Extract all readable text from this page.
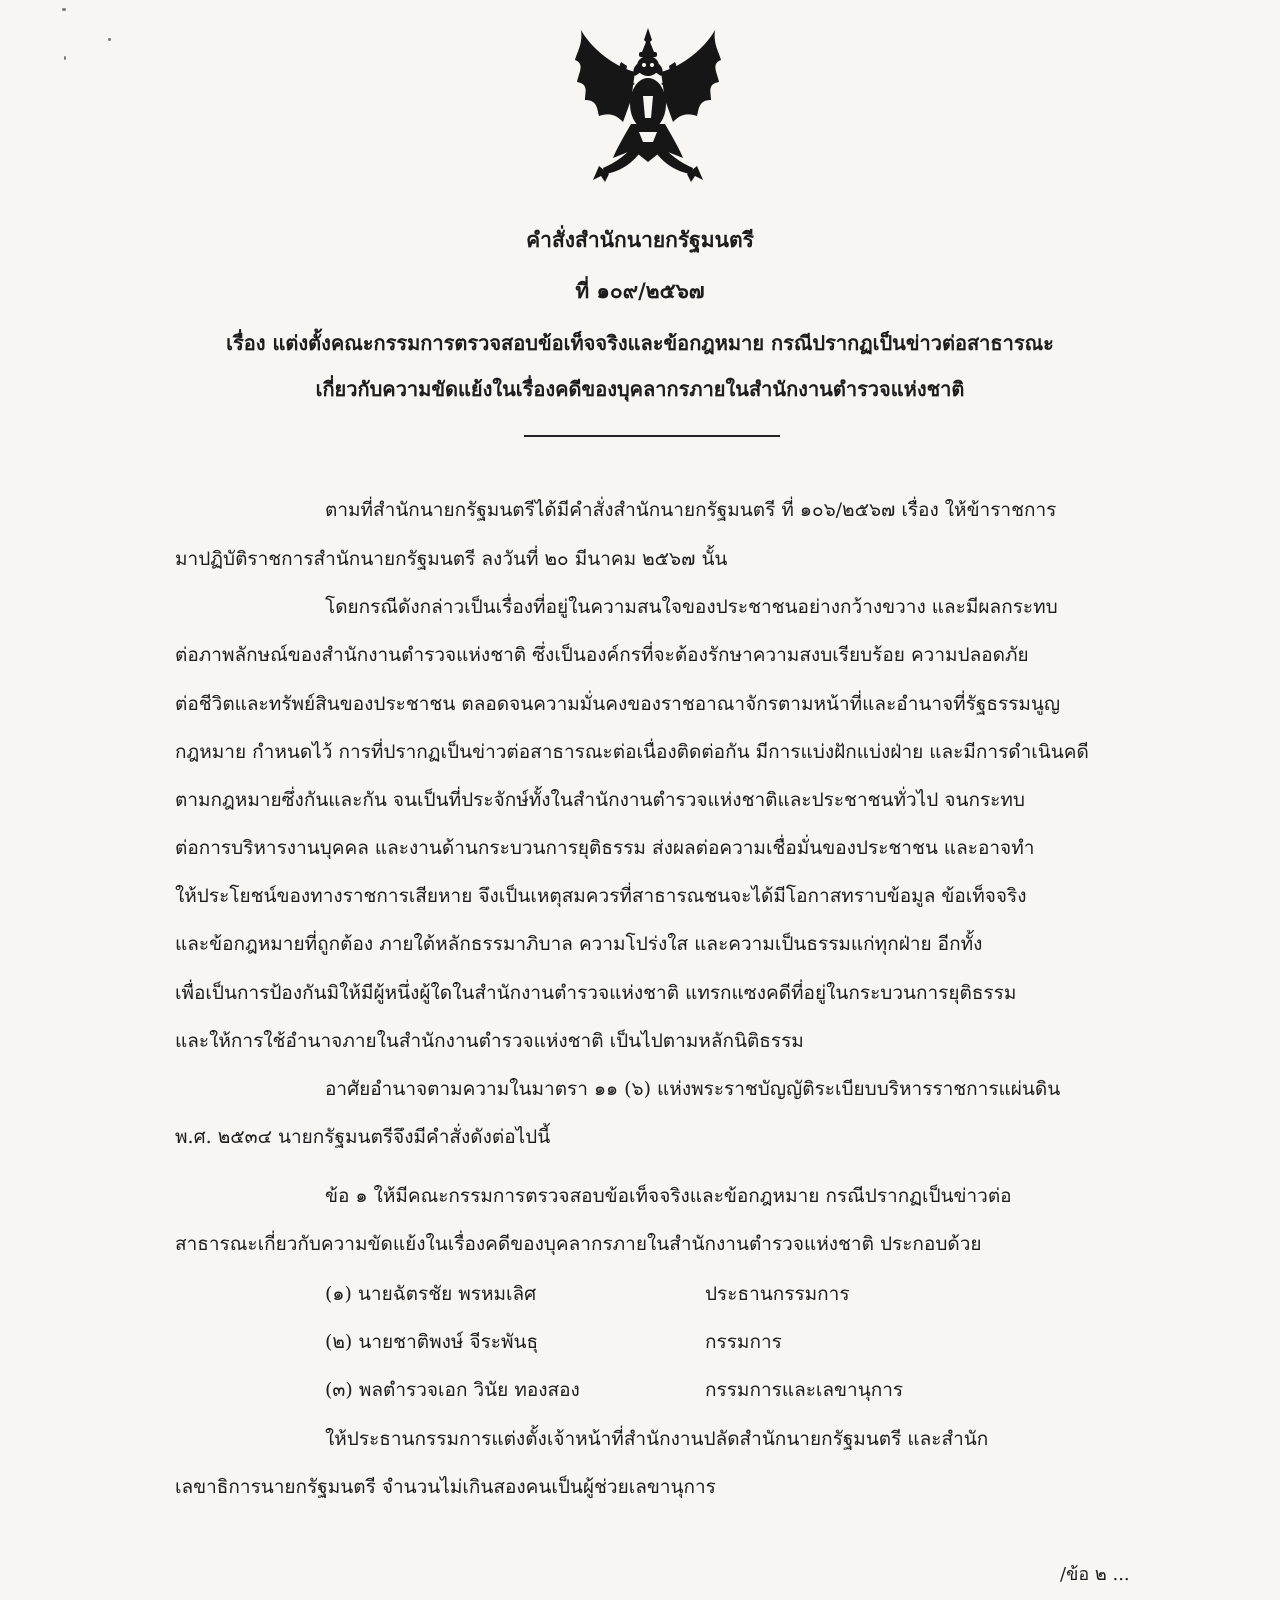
คำสั่งสำนักนายกรัฐมนตรี
ที่ ๑๐๙/๒๕๖๗
เรื่อง แต่งตั้งคณะกรรมการตรวจสอบข้อเท็จจริงและข้อกฎหมาย กรณีปรากฏเป็นข่าวต่อสาธารณะ
เกี่ยวกับความขัดแย้งในเรื่องคดีของบุคลากรภายในสำนักงานตำรวจแห่งชาติ
ตามที่สำนักนายกรัฐมนตรีได้มีคำสั่งสำนักนายกรัฐมนตรี ที่ ๑๐๖/๒๕๖๗ เรื่อง ให้ข้าราชการ
มาปฏิบัติราชการสำนักนายกรัฐมนตรี ลงวันที่ ๒๐ มีนาคม ๒๕๖๗ นั้น
โดยกรณีดังกล่าวเป็นเรื่องที่อยู่ในความสนใจของประชาชนอย่างกว้างขวาง และมีผลกระทบ
ต่อภาพลักษณ์ของสำนักงานตำรวจแห่งชาติ ซึ่งเป็นองค์กรที่จะต้องรักษาความสงบเรียบร้อย ความปลอดภัย
ต่อชีวิตและทรัพย์สินของประชาชน ตลอดจนความมั่นคงของราชอาณาจักรตามหน้าที่และอำนาจที่รัฐธรรมนูญ
กฎหมาย กำหนดไว้ การที่ปรากฏเป็นข่าวต่อสาธารณะต่อเนื่องติดต่อกัน มีการแบ่งฝักแบ่งฝ่าย และมีการดำเนินคดี
ตามกฎหมายซึ่งกันและกัน จนเป็นที่ประจักษ์ทั้งในสำนักงานตำรวจแห่งชาติและประชาชนทั่วไป จนกระทบ
ต่อการบริหารงานบุคคล และงานด้านกระบวนการยุติธรรม ส่งผลต่อความเชื่อมั่นของประชาชน และอาจทำ
ให้ประโยชน์ของทางราชการเสียหาย จึงเป็นเหตุสมควรที่สาธารณชนจะได้มีโอกาสทราบข้อมูล ข้อเท็จจริง
และข้อกฎหมายที่ถูกต้อง ภายใต้หลักธรรมาภิบาล ความโปร่งใส และความเป็นธรรมแก่ทุกฝ่าย อีกทั้ง
เพื่อเป็นการป้องกันมิให้มีผู้หนึ่งผู้ใดในสำนักงานตำรวจแห่งชาติ แทรกแซงคดีที่อยู่ในกระบวนการยุติธรรม
และให้การใช้อำนาจภายในสำนักงานตำรวจแห่งชาติ เป็นไปตามหลักนิติธรรม
อาศัยอำนาจตามความในมาตรา ๑๑ (๖) แห่งพระราชบัญญัติระเบียบบริหารราชการแผ่นดิน
พ.ศ. ๒๕๓๔ นายกรัฐมนตรีจึงมีคำสั่งดังต่อไปนี้
ข้อ ๑ ให้มีคณะกรรมการตรวจสอบข้อเท็จจริงและข้อกฎหมาย กรณีปรากฏเป็นข่าวต่อ
สาธารณะเกี่ยวกับความขัดแย้งในเรื่องคดีของบุคลากรภายในสำนักงานตำรวจแห่งชาติ ประกอบด้วย
(๑) นายฉัตรชัย พรหมเลิศ	ประธานกรรมการ
(๒) นายชาติพงษ์ จีระพันธุ	กรรมการ
(๓) พลตำรวจเอก วินัย ทองสอง	กรรมการและเลขานุการ
ให้ประธานกรรมการแต่งตั้งเจ้าหน้าที่สำนักงานปลัดสำนักนายกรัฐมนตรี และสำนัก
เลขาธิการนายกรัฐมนตรี จำนวนไม่เกินสองคนเป็นผู้ช่วยเลขานุการ
/ข้อ ๒ ...
